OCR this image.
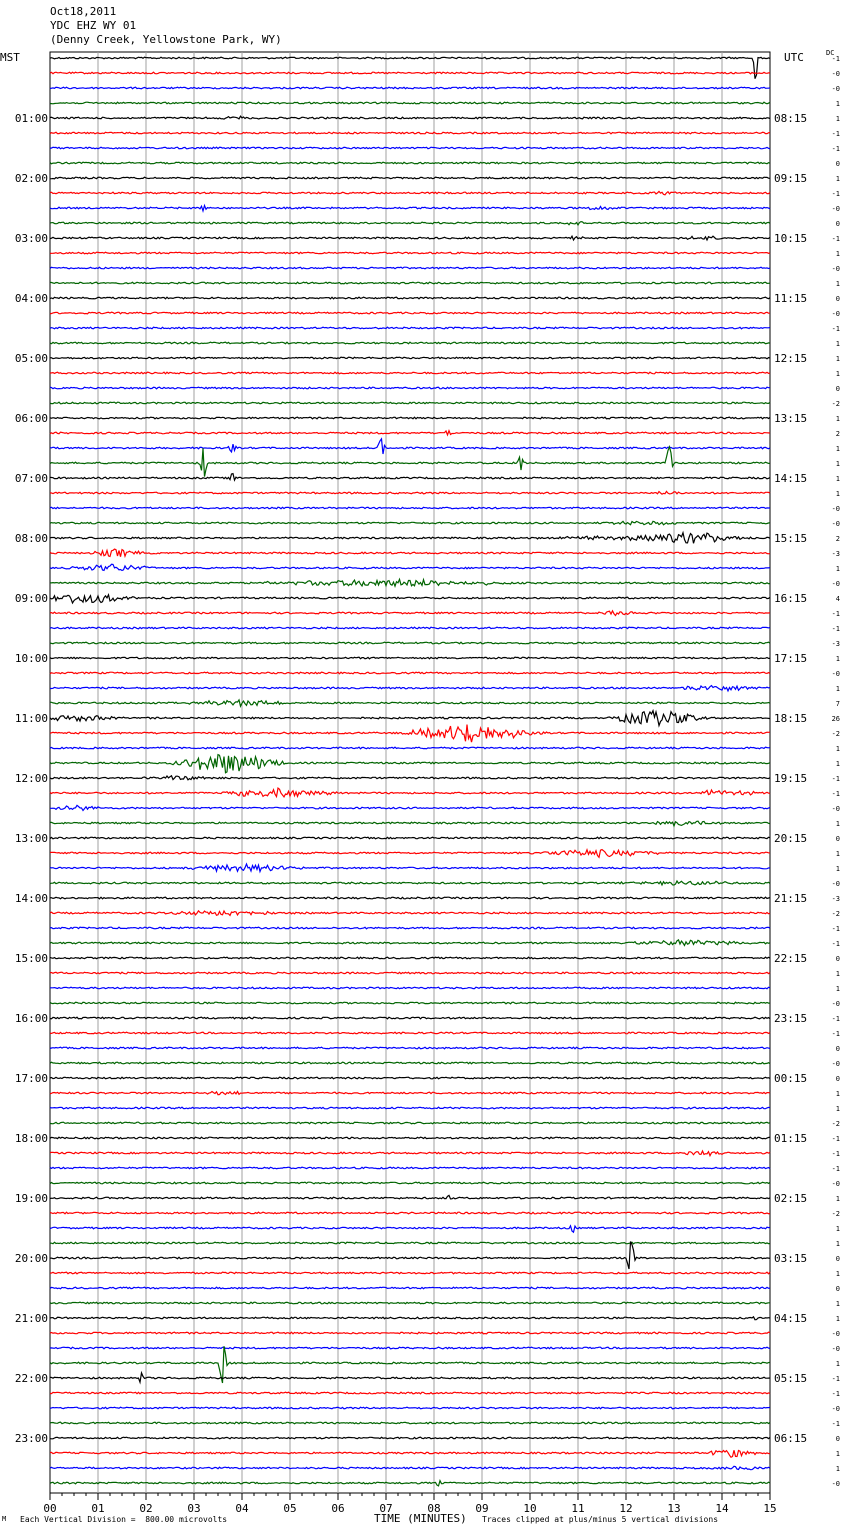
Oct18,2011
YDC EHZ WY 01
(Denny Creek, Yellowstone Park, WY)
MST	UTC	DC
00	01	02	03	04	05	06	07	08	09	10	11	12	13	14	15
-1
-0
-0
1
1
-1
-1
0
1
-1
-0
0
-1
1
-0
1
0
-0
-1
1
1
1
0
-2
1
2
1
1
1
1
-0
-0
2
-3
1
-0
4
-1
-1
-3
1
-0
1
7
26
-2
1
1
-1
-1
-0
1
0
1
1
-0
-3
-2
-1
-1
0
1
1
-0
-1
-1
0
-0
0
1
1
-2
-1
-1
-1
-0
1
-2
1
1
0
1
0
1
1
-0
-0
1
-1
-1
-0
-1
0
1
1
-0
01:00	08:15
02:00	09:15
03:00	10:15
04:00	11:15
05:00	12:15
06:00	13:15
07:00	14:15
08:00	15:15
09:00	16:15
10:00	17:15
11:00	18:15
12:00	19:15
13:00	20:15
14:00	21:15
15:00	22:15
16:00	23:15
17:00	00:15
18:00	01:15
19:00	02:15
20:00	03:15
21:00	04:15
22:00	05:15
23:00	06:15
M Each Vertical Division =  800.00 microvolts	TIME (MINUTES) Traces clipped at plus/minus 5 vertical divisions
